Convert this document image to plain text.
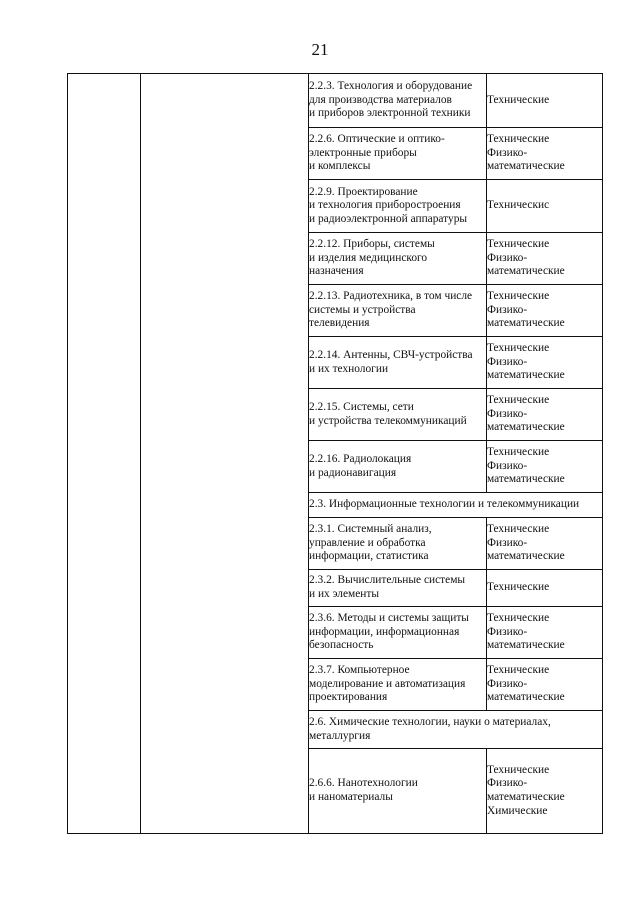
21

		2.2.3. Технология и оборудование
для производства материалов
и приборов электронной техники	Технические

		2.2.6. Оптические и оптико-
электронные приборы
и комплексы	Технические
Физико-
математические

		2.2.9. Проектирование
и технология приборостроения
и радиоэлектронной аппаратуры	Техническис

		2.2.12. Приборы, системы
и изделия медицинского
назначения	Технические
Физико-
математические

		2.2.13. Радиотехника, в том числе
системы и устройства
телевидения	Технические
Физико-
математические

		2.2.14. Антенны, СВЧ-устройства
и их технологии	Технические
Физико-
математические

		2.2.15. Системы, сети
и устройства телекоммуникаций	Технические
Физико-
математические

		2.2.16. Радиолокация
и радионавигация	Технические
Физико-
математические

		2.3. Информационные технологии и телекоммуникации	

		2.3.1. Системный анализ,
управление и обработка
информации, статистика	Технические
Физико-
математические

		2.3.2. Вычислительные системы
и их элементы	Технические

		2.3.6. Методы и системы защиты
информации, информационная
безопасность	Технические
Физико-
математические

		2.3.7. Компьютерное
моделирование и автоматизация
проектирования	Технические
Физико-
математические

		2.6. Химические технологии, науки о материалах,
металлургия	

		2.6.6. Нанотехнологии
и наноматериалы	Технические
Физико-
математические
Химические
